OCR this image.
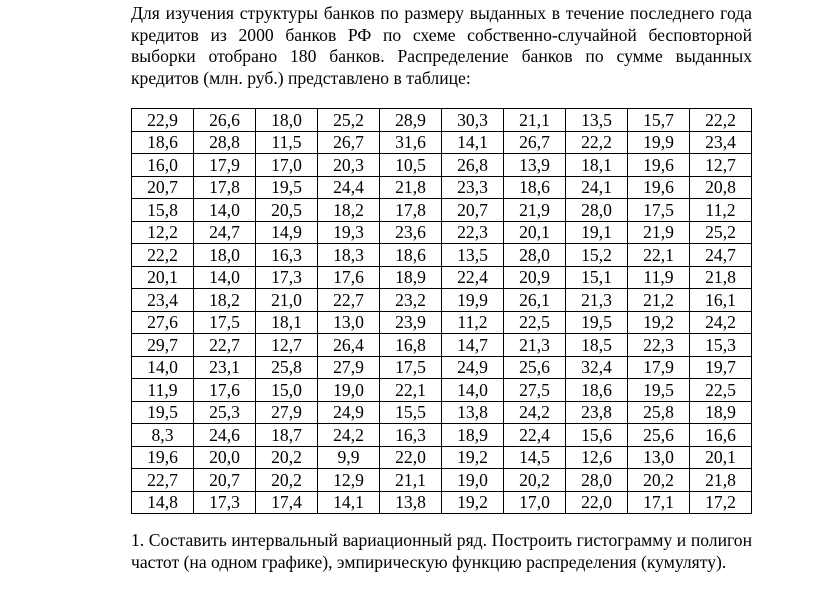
Для изучения структуры банков по размеру выданных в течение последнего года кредитов из 2000 банков РФ по схеме собственно-случайной бесповторной выборки отобрано 180 банков. Распределение банков по сумме выданных кредитов (млн. руб.) представлено в таблице:

22,9	26,6	18,0	25,2	28,9	30,3	21,1	13,5	15,7	22,2
18,6	28,8	11,5	26,7	31,6	14,1	26,7	22,2	19,9	23,4
16,0	17,9	17,0	20,3	10,5	26,8	13,9	18,1	19,6	12,7
20,7	17,8	19,5	24,4	21,8	23,3	18,6	24,1	19,6	20,8
15,8	14,0	20,5	18,2	17,8	20,7	21,9	28,0	17,5	11,2
12,2	24,7	14,9	19,3	23,6	22,3	20,1	19,1	21,9	25,2
22,2	18,0	16,3	18,3	18,6	13,5	28,0	15,2	22,1	24,7
20,1	14,0	17,3	17,6	18,9	22,4	20,9	15,1	11,9	21,8
23,4	18,2	21,0	22,7	23,2	19,9	26,1	21,3	21,2	16,1
27,6	17,5	18,1	13,0	23,9	11,2	22,5	19,5	19,2	24,2
29,7	22,7	12,7	26,4	16,8	14,7	21,3	18,5	22,3	15,3
14,0	23,1	25,8	27,9	17,5	24,9	25,6	32,4	17,9	19,7
11,9	17,6	15,0	19,0	22,1	14,0	27,5	18,6	19,5	22,5
19,5	25,3	27,9	24,9	15,5	13,8	24,2	23,8	25,8	18,9
8,3	24,6	18,7	24,2	16,3	18,9	22,4	15,6	25,6	16,6
19,6	20,0	20,2	9,9	22,0	19,2	14,5	12,6	13,0	20,1
22,7	20,7	20,2	12,9	21,1	19,0	20,2	28,0	20,2	21,8
14,8	17,3	17,4	14,1	13,8	19,2	17,0	22,0	17,1	17,2

1. Составить интервальный вариационный ряд. Построить гистограмму и полигон частот (на одном графике), эмпирическую функцию распределения (кумуляту).
